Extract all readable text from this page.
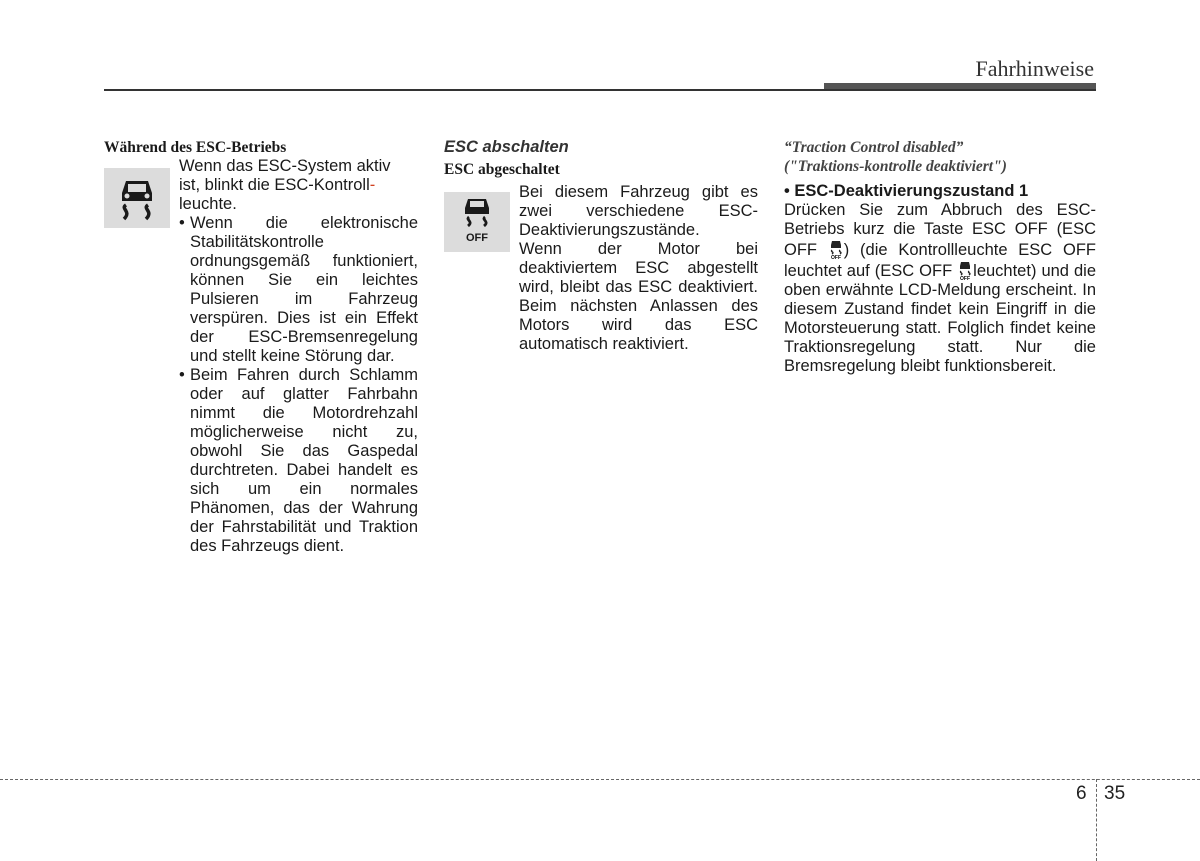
Fahrhinweise
Während des ESC-Betriebs
Wenn das ESC-System aktiv
ist, blinkt die ESC-Kontroll-
leuchte.
• Wenn die elektronische Stabilitätskontrolle ordnungsgemäß funktioniert, können Sie ein leichtes Pulsieren im Fahrzeug verspüren. Dies ist ein Effekt der ESC-Bremsenregelung und stellt keine Störung dar.
• Beim Fahren durch Schlamm oder auf glatter Fahrbahn nimmt die Motordrehzahl möglicherweise nicht zu, obwohl Sie das Gaspedal durchtreten. Dabei handelt es sich um ein normales Phänomen, das der Wahrung der Fahrstabilität und Traktion des Fahrzeugs dient.
ESC abschalten
ESC abgeschaltet
OFF

Bei diesem Fahrzeug gibt es zwei verschiedene ESC-Deaktivierungszustände.

Wenn der Motor bei deaktiviertem ESC abgestellt wird, bleibt das ESC deaktiviert. Beim nächsten Anlassen des Motors wird das ESC automatisch reaktiviert.

“Traction Control disabled”
("Traktions-kontrolle deaktiviert")
• ESC-Deaktivierungszustand 1

Drücken Sie zum Abbruch des ESC-Betriebs kurz die Taste ESC OFF (ESC OFF OFF ) (die Kontrollleuchte ESC OFF leuchtet auf (ESC OFF OFF leuchtet) und die oben erwähnte LCD-Meldung erscheint. In diesem Zustand findet kein Eingriff in die Motorsteuerung statt. Folglich findet keine Traktionsregelung statt. Nur die Bremsregelung bleibt funktionsbereit.

6 35
